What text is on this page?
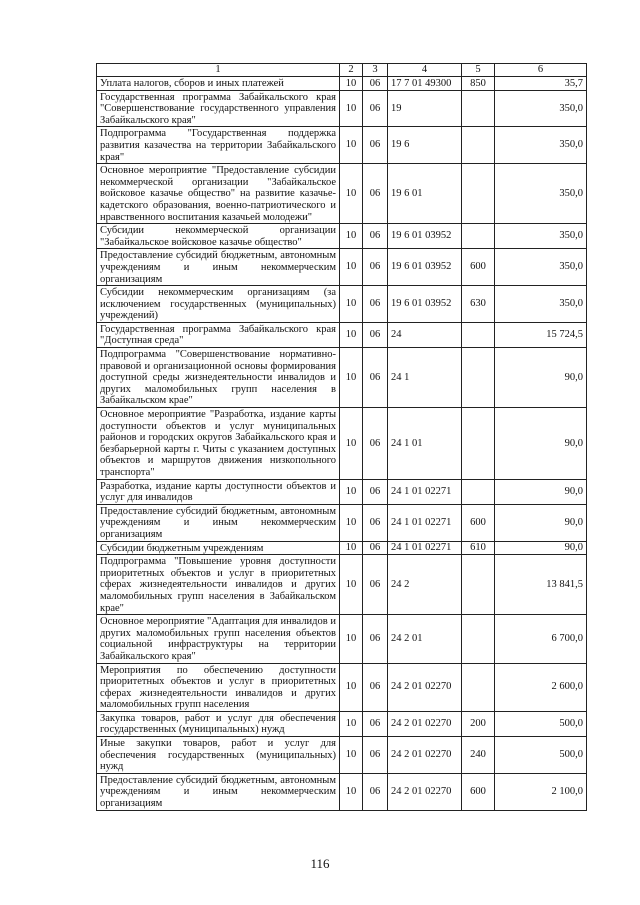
1	2	3	4	5	6
Уплата налогов, сборов и иных платежей	10	06	17 7 01 49300	850	35,7
Государственная программа Забайкальского края "Совершенствование государственного управления Забайкальского края"	10	06	19		350,0
Подпрограмма "Государственная поддержка развития казачества на территории Забайкальского края"	10	06	19 6		350,0
Основное мероприятие "Предоставление субсидии некоммерческой организации "Забайкальское войсковое казачье общество" на развитие казачье-кадетского образования, военно-патриотического и нравственного воспитания казачьей молодежи"	10	06	19 6 01		350,0
Субсидии некоммерческой организации "Забайкальское войсковое казачье общество"	10	06	19 6 01 03952		350,0
Предоставление субсидий бюджетным, автономным учреждениям и иным некоммерческим организациям	10	06	19 6 01 03952	600	350,0
Субсидии некоммерческим организациям (за исключением государственных (муниципальных) учреждений)	10	06	19 6 01 03952	630	350,0
Государственная программа Забайкальского края "Доступная среда"	10	06	24		15 724,5
Подпрограмма "Совершенствование нормативно-правовой и организационной основы формирования доступной среды жизнедеятельности инвалидов и других маломобильных групп населения в Забайкальском крае"	10	06	24 1		90,0
Основное мероприятие "Разработка, издание карты доступности объектов и услуг муниципальных районов и городских округов Забайкальского края и безбарьерной карты г. Читы с указанием доступных объектов и маршрутов движения низкопольного транспорта"	10	06	24 1 01		90,0
Разработка, издание карты доступности объектов и услуг для инвалидов	10	06	24 1 01 02271		90,0
Предоставление субсидий бюджетным, автономным учреждениям и иным некоммерческим организациям	10	06	24 1 01 02271	600	90,0
Субсидии бюджетным учреждениям	10	06	24 1 01 02271	610	90,0
Подпрограмма "Повышение уровня доступности приоритетных объектов и услуг в приоритетных сферах жизнедеятельности инвалидов и других маломобильных групп населения в Забайкальском крае"	10	06	24 2		13 841,5
Основное мероприятие "Адаптация для инвалидов и других маломобильных групп населения объектов социальной инфраструктуры на территории Забайкальского края"	10	06	24 2 01		6 700,0
Мероприятия по обеспечению доступности приоритетных объектов и услуг в приоритетных сферах жизнедеятельности инвалидов и других маломобильных групп населения	10	06	24 2 01 02270		2 600,0
Закупка товаров, работ и услуг для обеспечения государственных (муниципальных) нужд	10	06	24 2 01 02270	200	500,0
Иные закупки товаров, работ и услуг для обеспечения государственных (муниципальных) нужд	10	06	24 2 01 02270	240	500,0
Предоставление субсидий бюджетным, автономным учреждениям и иным некоммерческим организациям	10	06	24 2 01 02270	600	2 100,0
116
